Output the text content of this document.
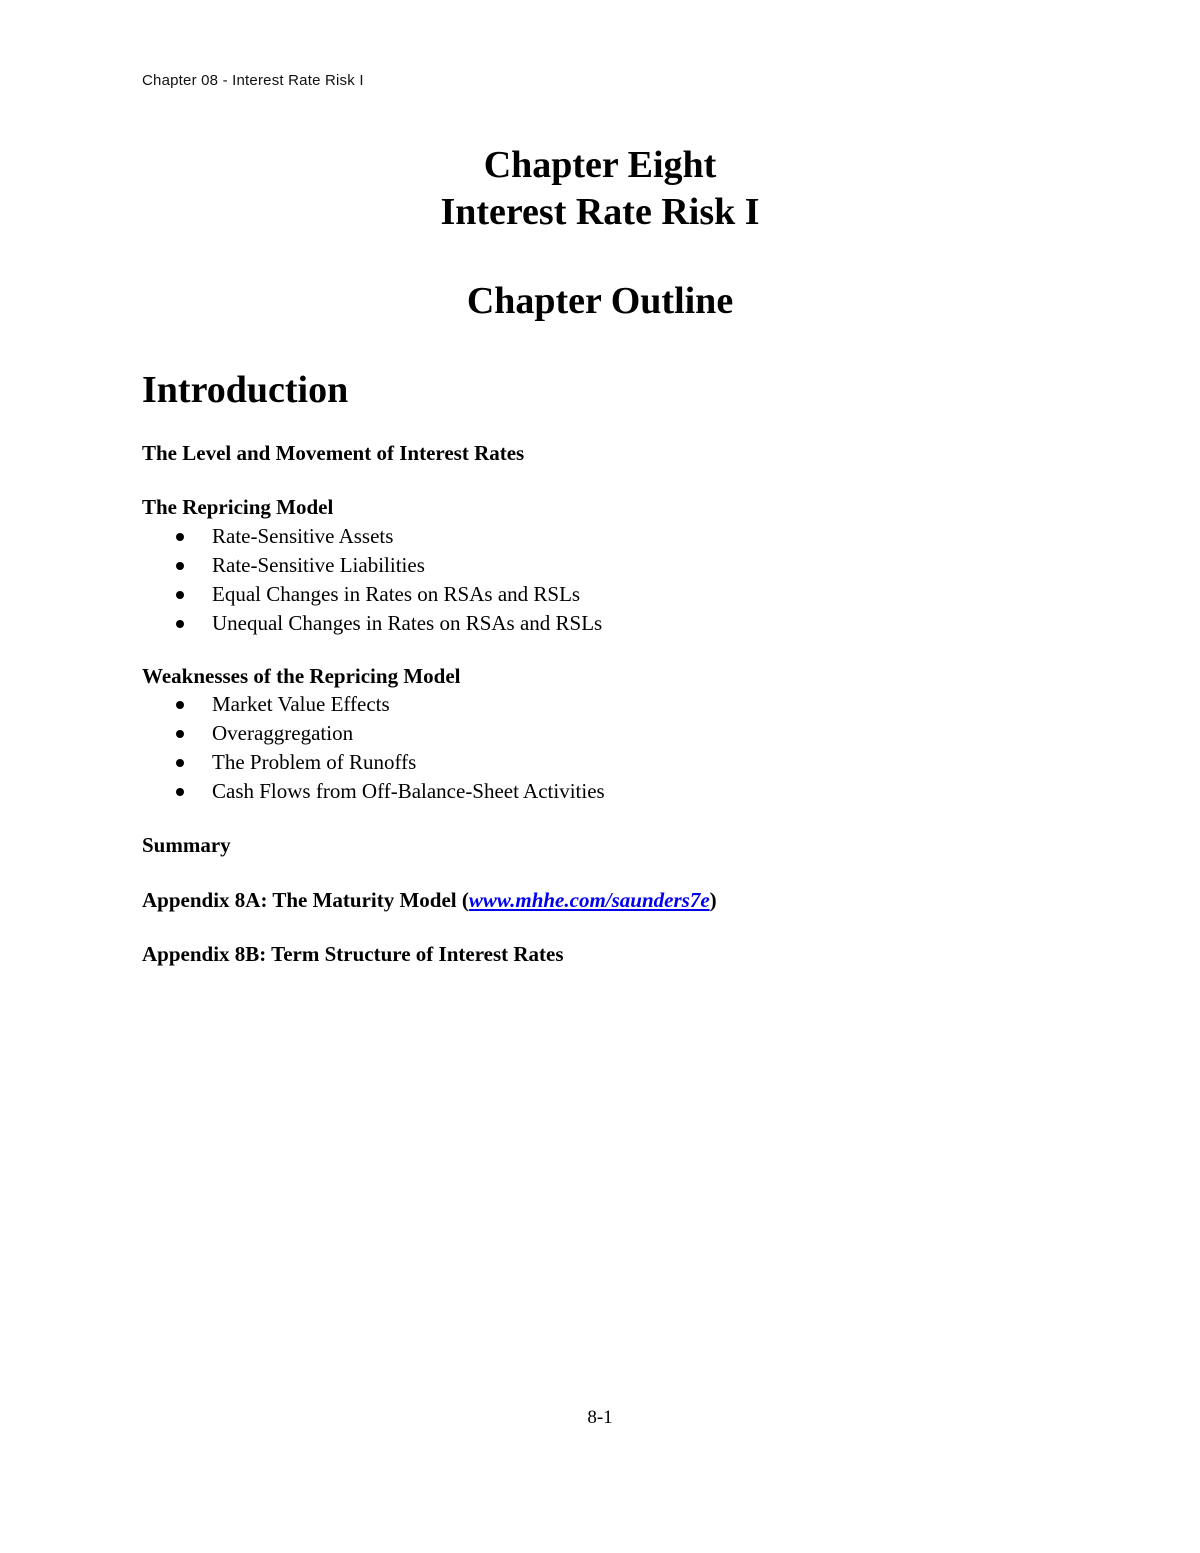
Chapter 08 - Interest Rate Risk I
Chapter Eight
Interest Rate Risk I
Chapter Outline
Introduction
The Level and Movement of Interest Rates
The Repricing Model
Rate-Sensitive Assets
Rate-Sensitive Liabilities
Equal Changes in Rates on RSAs and RSLs
Unequal Changes in Rates on RSAs and RSLs
Weaknesses of the Repricing Model
Market Value Effects
Overaggregation
The Problem of Runoffs
Cash Flows from Off-Balance-Sheet Activities
Summary
Appendix 8A: The Maturity Model (www.mhhe.com/saunders7e)
Appendix 8B: Term Structure of Interest Rates
8-1
